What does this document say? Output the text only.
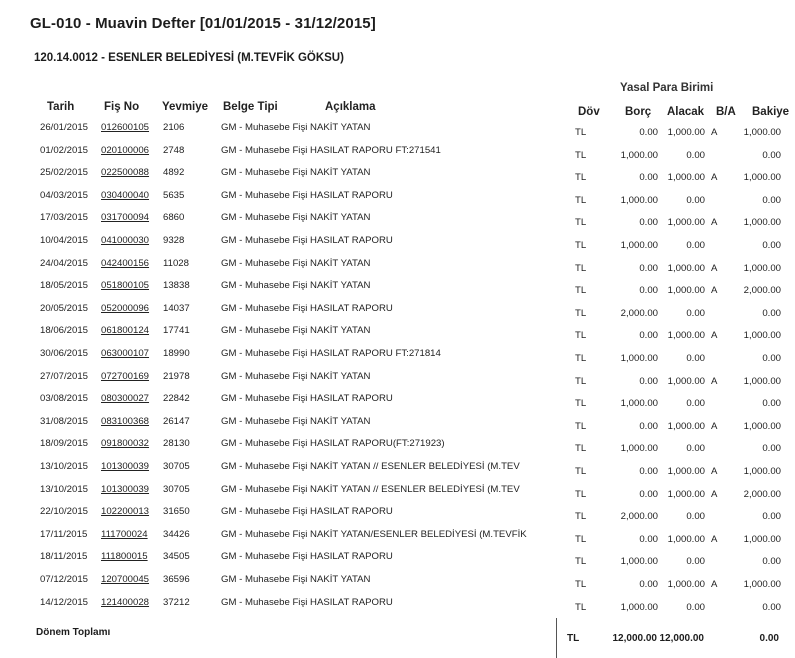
GL-010 - Muavin Defter [01/01/2015 - 31/12/2015]
120.14.0012 - ESENLER BELEDİYESİ (M.TEVFİK GÖKSU)
Yasal Para Birimi
Tarih	Fiş No Yevmiye Belge Tipi	Açıklama	Döv Borç Alacak B/A Bakiye
26/01/2015 012600105 2106	GM - Muhasebe Fişi NAKİT YATAN	TL	0.00 1,000.00 A	1,000.00
01/02/2015 020100006 2748	GM - Muhasebe Fişi HASILAT RAPORU FT:271541	TL	1,000.00	0.00	0.00
25/02/2015 022500088 4892	GM - Muhasebe Fişi NAKİT YATAN	TL	0.00 1,000.00 A	1,000.00
04/03/2015 030400040 5635	GM - Muhasebe Fişi HASILAT RAPORU	TL	1,000.00	0.00	0.00
17/03/2015 031700094 6860	GM - Muhasebe Fişi NAKİT YATAN	TL	0.00 1,000.00 A	1,000.00
10/04/2015 041000030 9328	GM - Muhasebe Fişi HASILAT RAPORU	TL	1,000.00	0.00	0.00
24/04/2015 042400156 11028	GM - Muhasebe Fişi NAKİT YATAN	TL	0.00 1,000.00 A	1,000.00
18/05/2015 051800105 13838	GM - Muhasebe Fişi NAKİT YATAN	TL	0.00 1,000.00 A	2,000.00
20/05/2015 052000096 14037	GM - Muhasebe Fişi HASILAT RAPORU	TL	2,000.00	0.00	0.00
18/06/2015 061800124 17741	GM - Muhasebe Fişi NAKİT YATAN	TL	0.00 1,000.00 A	1,000.00
30/06/2015 063000107 18990	GM - Muhasebe Fişi HASILAT RAPORU FT:271814	TL	1,000.00	0.00	0.00
27/07/2015 072700169 21978	GM - Muhasebe Fişi NAKİT YATAN	TL	0.00 1,000.00 A	1,000.00
03/08/2015 080300027 22842	GM - Muhasebe Fişi HASILAT RAPORU	TL	1,000.00	0.00	0.00
31/08/2015 083100368 26147	GM - Muhasebe Fişi NAKİT YATAN	TL	0.00 1,000.00 A	1,000.00
18/09/2015 091800032 28130	GM - Muhasebe Fişi HASILAT RAPORU(FT:271923)	TL	1,000.00	0.00	0.00
13/10/2015 101300039 30705	GM - Muhasebe Fişi NAKİT YATAN // ESENLER BELEDİYESİ (M.TEV	TL	0.00 1,000.00 A	1,000.00
13/10/2015 101300039 30705	GM - Muhasebe Fişi NAKİT YATAN // ESENLER BELEDİYESİ (M.TEV	TL	0.00 1,000.00 A	2,000.00
22/10/2015 102200013 31650	GM - Muhasebe Fişi HASILAT RAPORU	TL	2,000.00	0.00	0.00
17/11/2015 111700024 34426	GM - Muhasebe Fişi NAKİT YATAN/ESENLER BELEDİYESİ (M.TEVFİK	TL	0.00 1,000.00 A	1,000.00
18/11/2015 111800015 34505	GM - Muhasebe Fişi HASILAT RAPORU	TL	1,000.00	0.00	0.00
07/12/2015 120700045 36596	GM - Muhasebe Fişi NAKİT YATAN	TL	0.00 1,000.00 A	1,000.00
14/12/2015 121400028 37212	GM - Muhasebe Fişi HASILAT RAPORU	TL	1,000.00	0.00	0.00
Dönem Toplamı
TL	12,000.00 12,000.00	0.00
